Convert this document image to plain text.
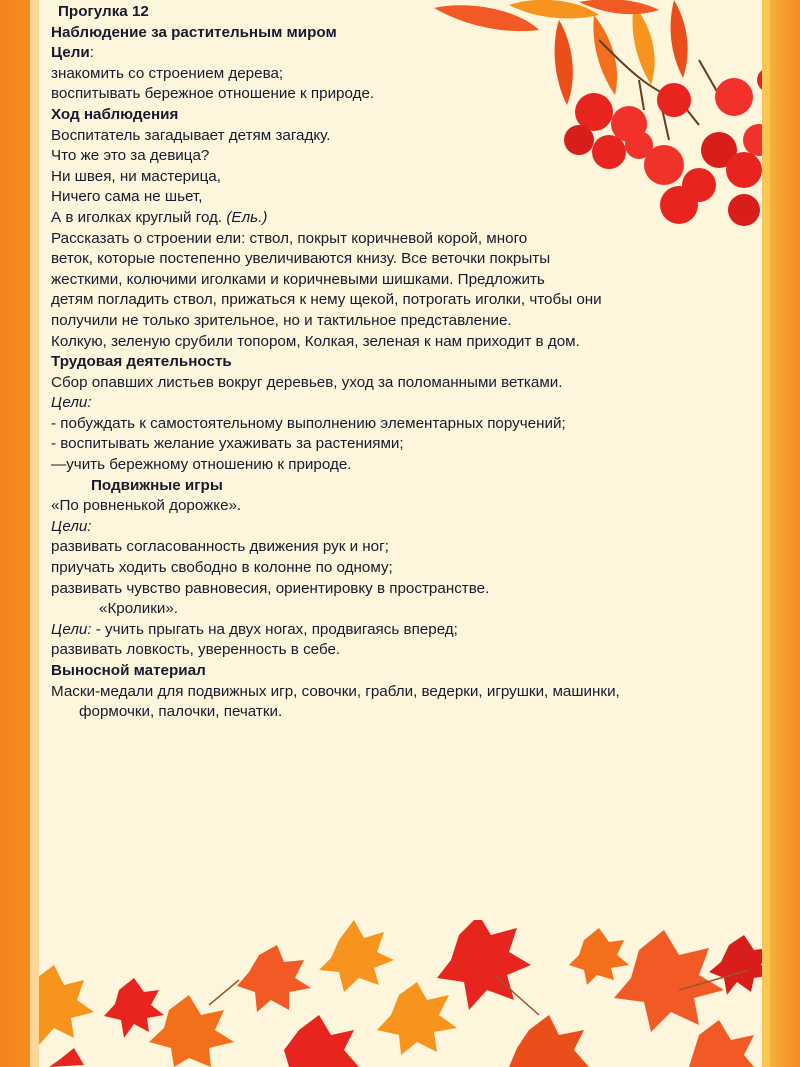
Прогулка 12
Наблюдение за растительным миром
Цели:
знакомить со строением дерева;
воспитывать бережное отношение к природе.
Ход наблюдения
Воспитатель загадывает детям загадку.
Что же это за девица?
Ни швея, ни мастерица,
Ничего сама не шьет,
А в иголках круглый год. (Ель.)
Рассказать о строении ели: ствол, покрыт коричневой корой, много
веток, которые постепенно увеличиваются книзу. Все веточки покрыты
жесткими, колючими иголками и коричневыми шишками. Предложить
детям погладить ствол, прижаться к нему щекой, потрогать иголки, чтобы они
получили не только зрительное, но и тактильное представление.
Колкую, зеленую срубили топором, Колкая, зеленая к нам приходит в дом.
Трудовая деятельность
Сбор опавших листьев вокруг деревьев, уход за поломанными ветками.
Цели:
- побуждать к самостоятельному выполнению элементарных поручений;
- воспитывать желание ухаживать за растениями;
—учить бережному отношению к природе.
Подвижные игры
«По ровненькой дорожке».
Цели:
развивать согласованность движения рук и ног;
приучать ходить свободно в колонне по одному;
развивать чувство равновесия, ориентировку в пространстве.
«Кролики».
Цели: - учить прыгать на двух ногах, продвигаясь вперед;
развивать ловкость, уверенность в себе.
Выносной материал
Маски-медали для подвижных игр, совочки, грабли, ведерки, игрушки, машинки,
формочки, палочки, печатки.
